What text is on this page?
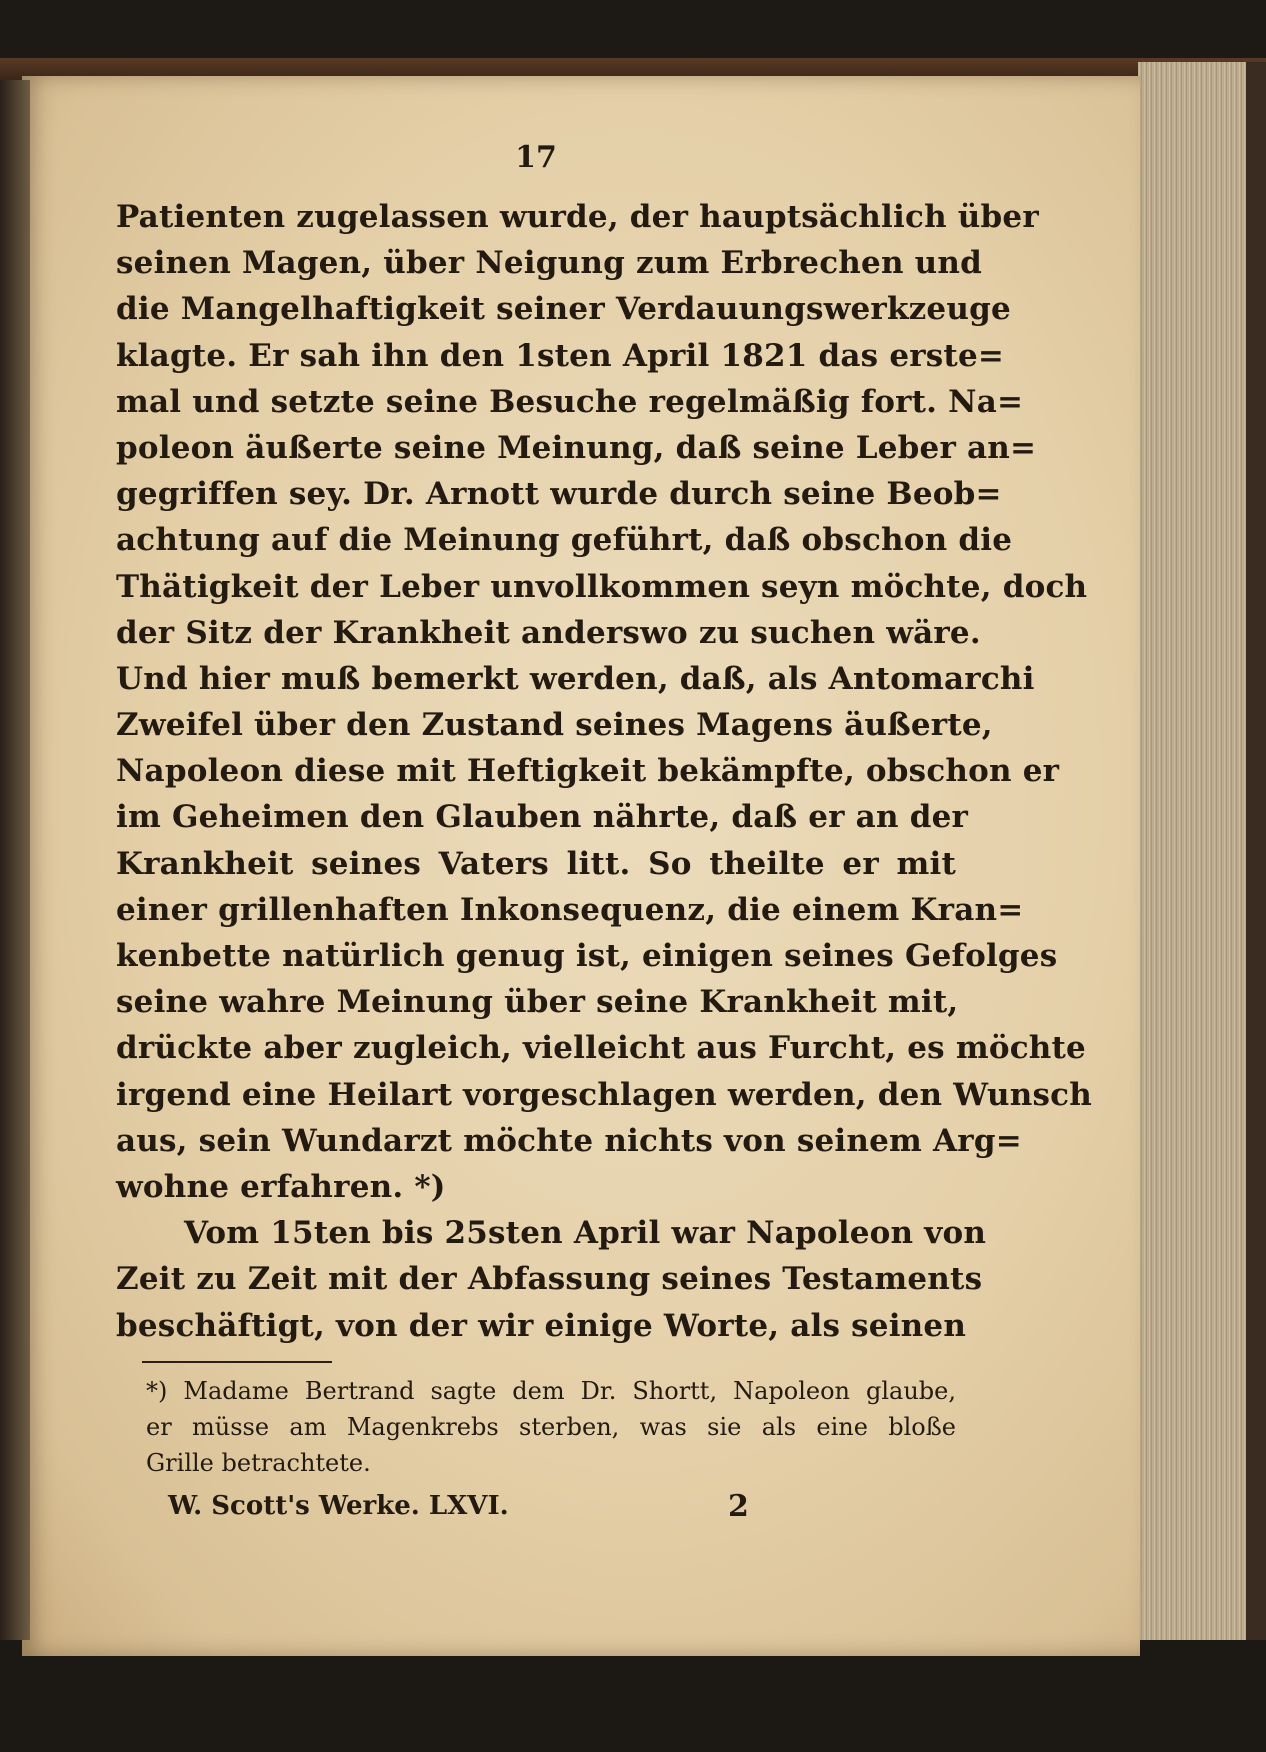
17
Patienten zugelassen wurde, der hauptsächlich über
seinen Magen, über Neigung zum Erbrechen und
die Mangelhaftigkeit seiner Verdauungswerkzeuge
klagte. Er sah ihn den 1sten April 1821 das erste=
mal und setzte seine Besuche regelmäßig fort. Na=
poleon äußerte seine Meinung, daß seine Leber an=
gegriffen sey. Dr. Arnott wurde durch seine Beob=
achtung auf die Meinung geführt, daß obschon die
Thätigkeit der Leber unvollkommen seyn möchte, doch
der Sitz der Krankheit anderswo zu suchen wäre.
Und hier muß bemerkt werden, daß, als Antomarchi
Zweifel über den Zustand seines Magens äußerte,
Napoleon diese mit Heftigkeit bekämpfte, obschon er
im Geheimen den Glauben nährte, daß er an der
Krankheit seines Vaters litt. So theilte er mit
einer grillenhaften Inkonsequenz, die einem Kran=
kenbette natürlich genug ist, einigen seines Gefolges
seine wahre Meinung über seine Krankheit mit,
drückte aber zugleich, vielleicht aus Furcht, es möchte
irgend eine Heilart vorgeschlagen werden, den Wunsch
aus, sein Wundarzt möchte nichts von seinem Arg=
wohne erfahren. *)
Vom 15ten bis 25sten April war Napoleon von
Zeit zu Zeit mit der Abfassung seines Testaments
beschäftigt, von der wir einige Worte, als seinen
*) Madame Bertrand sagte dem Dr. Shortt, Napoleon glaube,
er müsse am Magenkrebs sterben, was sie als eine bloße
Grille betrachtete.
W. Scott's Werke. LXVI.	2
